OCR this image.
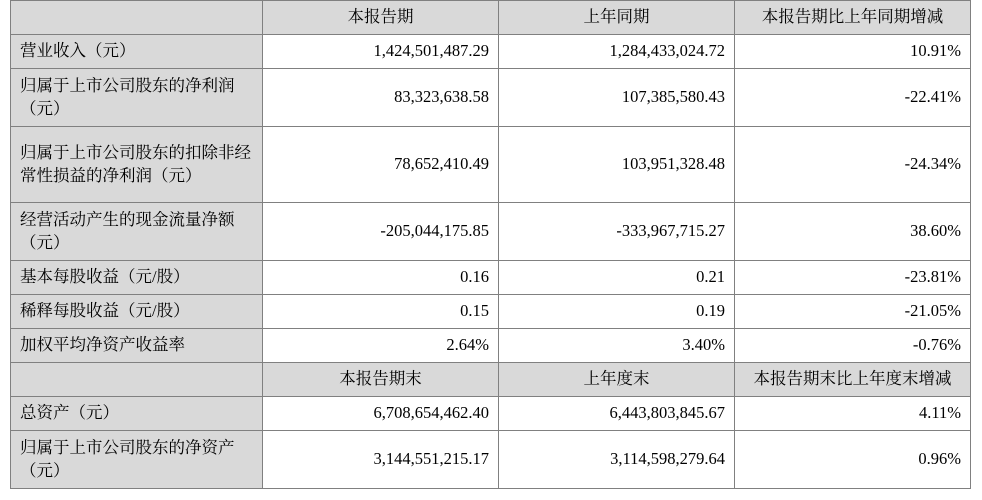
	本报告期	上年同期	本报告期比上年同期增减
营业收入（元）	1,424,501,487.29	1,284,433,024.72	10.91%
归属于上市公司股东的净利润（元）	83,323,638.58	107,385,580.43	-22.41%
归属于上市公司股东的扣除非经常性损益的净利润（元）	78,652,410.49	103,951,328.48	-24.34%
经营活动产生的现金流量净额（元）	-205,044,175.85	-333,967,715.27	38.60%
基本每股收益（元/股）	0.16	0.21	-23.81%
稀释每股收益（元/股）	0.15	0.19	-21.05%
加权平均净资产收益率	2.64%	3.40%	-0.76%
	本报告期末	上年度末	本报告期末比上年度末增减
总资产（元）	6,708,654,462.40	6,443,803,845.67	4.11%
归属于上市公司股东的净资产（元）	3,144,551,215.17	3,114,598,279.64	0.96%
